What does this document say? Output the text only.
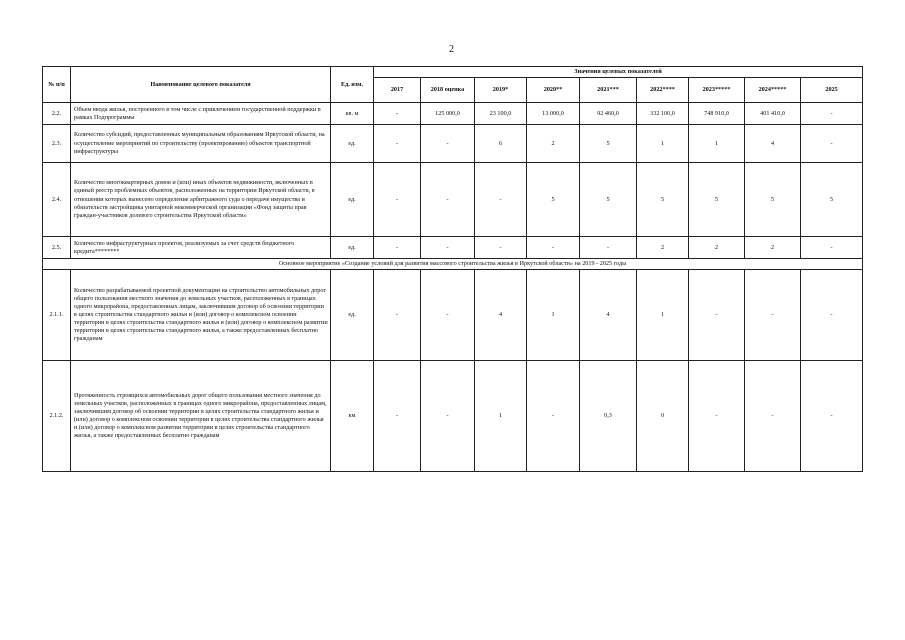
2
№ п/п	Наименование целевого показателя	Ед. изм.	Значения целевых показателей								
			2017	2018 оценка	2019*	2020**	2021***	2022****	2023*****	2024*****	2025
2.2.	Объем ввода жилья, построенного в том числе с привлечением государственной поддержки в рамках Подпрограммы	кв. м	-	125 000,0	23 100,0	13 000,0	92 460,0	332 100,0	748 910,0	401 410,0	-
2.3.	Количество субсидий, предоставленных муниципальным образованиям Иркутской области, на осуществление мероприятий по строительству (проектированию) объектов транспортной инфраструктуры	ед.	-	-	6	2	5	1	1	4	-
2.4.	Количество многоквартирных домов и (или) иных объектов недвижимости, включенных в единый реестр проблемных объектов, расположенных на территории Иркутской области, в отношении которых вынесено определение арбитражного суда о передаче имущества и обязательств застройщика унитарной некоммерческой организации «Фонд защиты прав граждан-участников долевого строительства Иркутской области»	ед.	-	-	-	5	5	5	5	5	5
2.5.	Количество инфраструктурных проектов, реализуемых за счет средств бюджетного кредита********	ед.	-	-	-	-	-	2	2	2	-
Основное мероприятие «Создание условий для развития массового строительства жилья в Иркутской области» на 2019 - 2025 годы											
2.1.1.	Количество разрабатываемой проектной документации на строительство автомобильных дорог общего пользования местного значения до земельных участков, расположенных в границах одного микрорайона, предоставленных лицам, заключившим договор об освоении территории в целях строительства стандартного жилья и (или) договор о комплексном освоении территории в целях строительства стандартного жилья и (или) договор о комплексном развитии территории в целях строительства стандартного жилья, а также предоставленных бесплатно гражданам	ед.	-	-	4	1	4	1	-	-	-
2.1.2.	Протяженность строящихся автомобильных дорог общего пользования местного значения до земельных участков, расположенных в границах одного микрорайона, предоставленных лицам, заключившим договор об освоении территории в целях строительства стандартного жилья и (или) договор о комплексном освоении территории в целях строительства стандартного жилья и (или) договор о комплексном развитии территории в целях строительства стандартного жилья, а также предоставленных бесплатно гражданам	км	-	-	1	-	0,3	0	-	-	-
